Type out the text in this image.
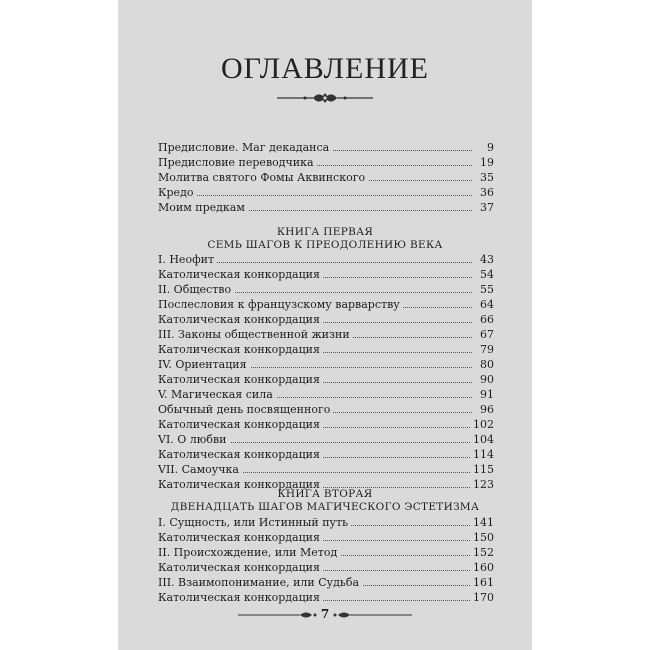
ОГЛАВЛЕНИЕ
Предисловие. Маг декаданса	9
Предисловие переводчика	19
Молитва святого Фомы Аквинского	35
Кредо	36
Моим предкам	37
КНИГА ПЕРВАЯ
СЕМЬ ШАГОВ К ПРЕОДОЛЕНИЮ ВЕКА
I. Неофит	43
Католическая конкордация	54
II. Общество	55
Послесловия к французскому варварству	64
Католическая конкордация	66
III. Законы общественной жизни	67
Католическая конкордация	79
IV. Ориентация	80
Католическая конкордация	90
V. Магическая сила	91
Обычный день посвященного	96
Католическая конкордация	102
VI. О любви	104
Католическая конкордация	114
VII. Самоучка	115
Католическая конкордация	123
КНИГА ВТОРАЯ
ДВЕНАДЦАТЬ ШАГОВ МАГИЧЕСКОГО ЭСТЕТИЗМА
I. Сущность, или Истинный путь	141
Католическая конкордация	150
II. Происхождение, или Метод	152
Католическая конкордация	160
III. Взаимопонимание, или Судьба	161
Католическая конкордация	170
7
